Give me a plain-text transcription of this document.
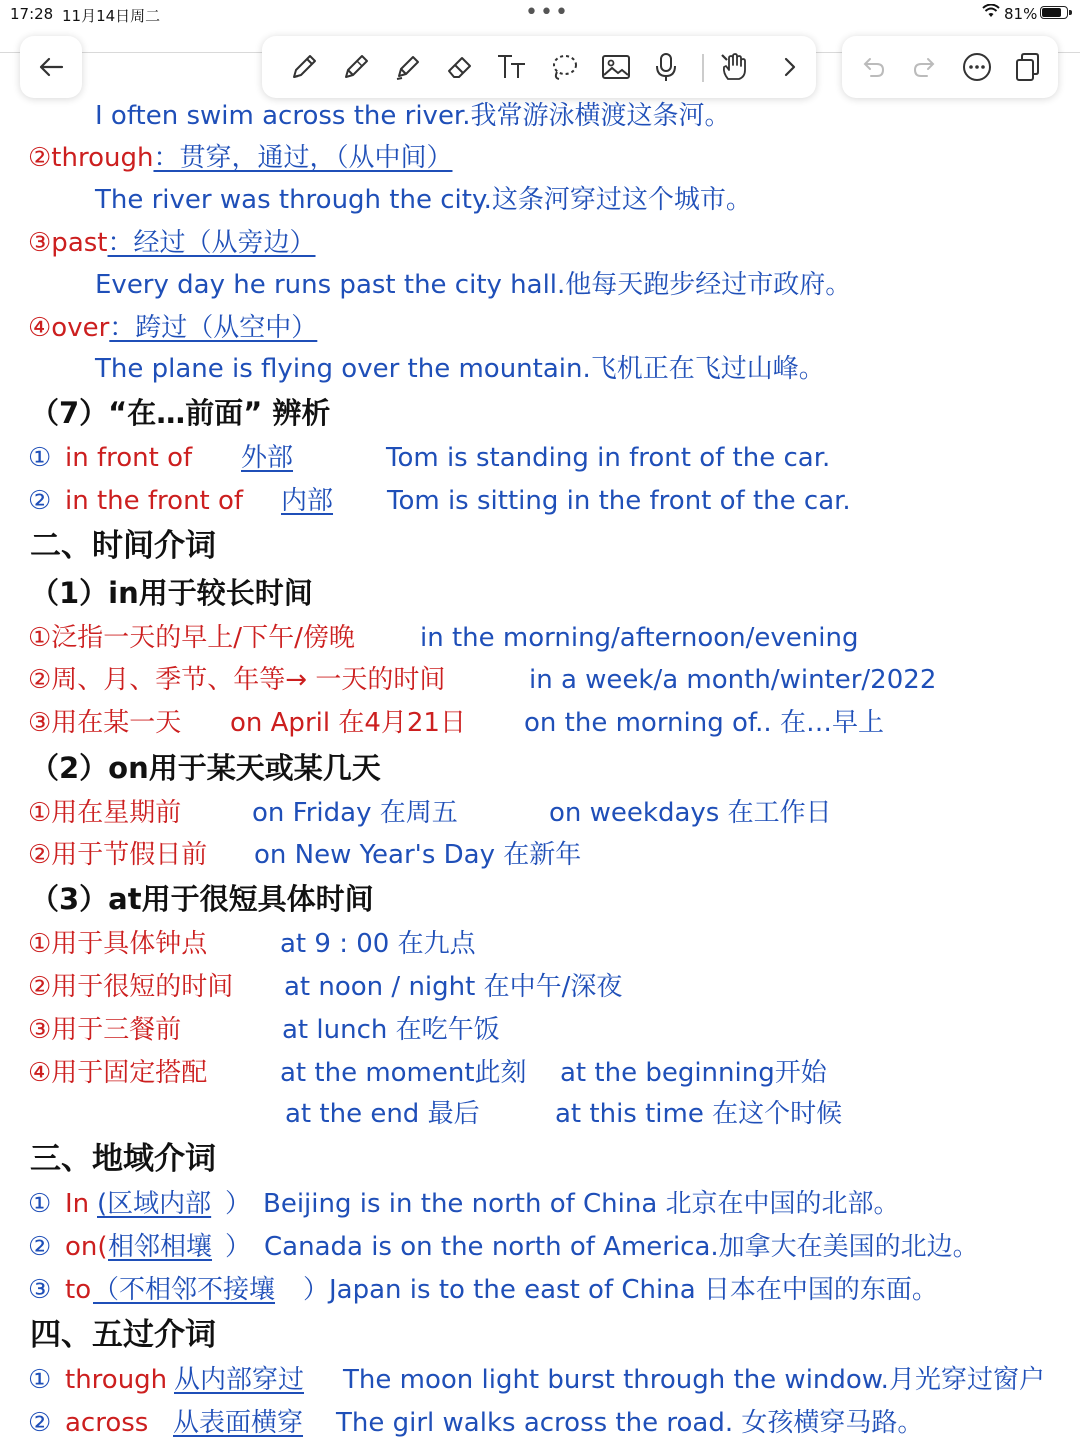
17:28 11月14日周二	•••	81%
I often swim across the river.我常游泳横渡这条河。
②through：贯穿，通过，（从中间）
The river was through the city.这条河穿过这个城市。
③past：经过（从旁边）
Every day he runs past the city hall.他每天跑步经过市政府。
④over：跨过（从空中）
The plane is flying over the mountain.飞机正在飞过山峰。
（7）“在…前面” 辨析
① in front of 外部	Tom is standing in front of the car.
② in the front of 内部 Tom is sitting in the front of the car.
二、时间介词
（1）in用于较长时间
①泛指一天的早上/下午/傍晚	in the morning/afternoon/evening
②周、月、季节、年等→ 一天的时间	in a week/a month/winter/2022
③用在某一天 on April 在4月21日 on the morning of.. 在…早上
（2）on用于某天或某几天
①用在星期前	on Friday 在周五	on weekdays 在工作日
②用于节假日前 on New Year's Day 在新年
（3）at用于很短具体时间
①用于具体钟点	at 9 : 00 在九点
②用于很短的时间 at noon / night 在中午/深夜
③用于三餐前	at lunch 在吃午饭
④用于固定搭配	at the moment此刻 at the beginning开始
at the end 最后	at this time 在这个时候
三、地域介词
① In (区域内部 ） Beijing is in the north of China 北京在中国的北部。
② on( 相邻相壤 ） Canada is on the north of America.加拿大在美国的北边。
③ to （不相邻不接壤 ） Japan is to the east of China 日本在中国的东面。
四、五过介词
① through 从内部穿过 The moon light burst through the window.月光穿过窗户
② across 从表面横穿 The girl walks across the road. 女孩横穿马路。
